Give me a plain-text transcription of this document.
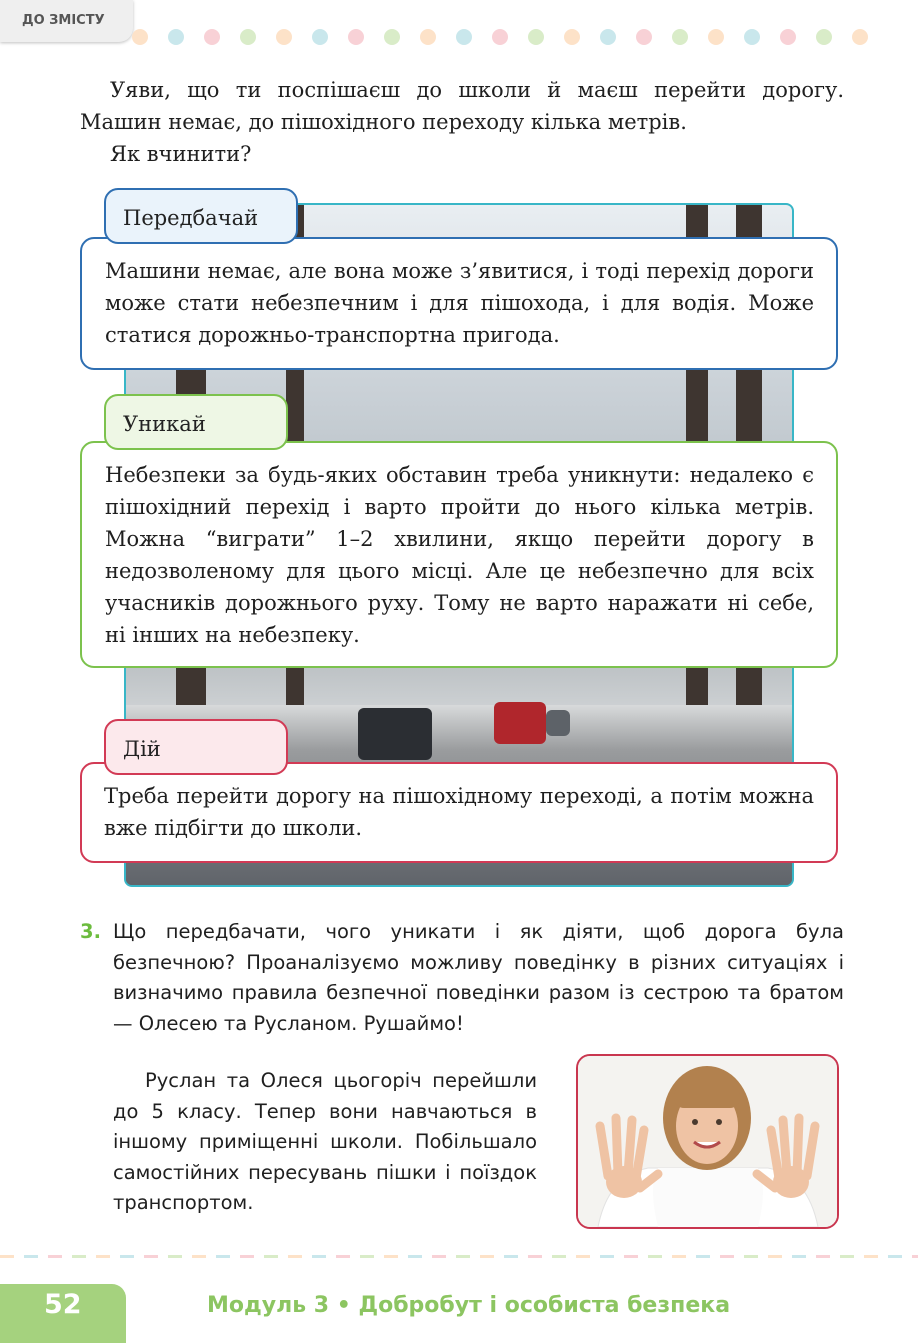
ДО ЗМІСТУ

Уяви, що ти поспішаєш до школи й маєш перейти дорогу. Машин немає, до пішохідного переходу кілька метрів.

Як вчинити?

Машини немає, але вона може з’явитися, і тоді перехід дороги може стати небезпечним і для пішохода, і для водія. Може статися дорожньо-транспортна пригода.
Передбачай
Небезпеки за будь-яких обставин треба уникнути: недалеко є пішохідний перехід і варто пройти до нього кілька метрів. Можна “виграти” 1–2 хвилини, якщо перейти дорогу в недозволеному для цього місці. Але це небезпечно для всіх учасників дорожнього руху. Тому не варто наражати ні себе, ні інших на небезпеку.
Уникай
Треба перейти дорогу на пішохідному переході, а потім можна вже підбігти до школи.
Дій
3. Що передбачати, чого уникати і як діяти, щоб дорога була безпечною? Проаналізуємо можливу поведінку в різних ситуаціях і визначимо правила безпечної поведінки разом із сестрою та братом — Олесею та Русланом. Рушаймо!
Руслан та Олеся цьогоріч перейшли до 5 класу. Тепер вони навчаються в іншому приміщенні школи. Побільшало самостійних пересувань пішки і поїздок транспортом.
52	Модуль 3 • Добробут і особиста безпека
